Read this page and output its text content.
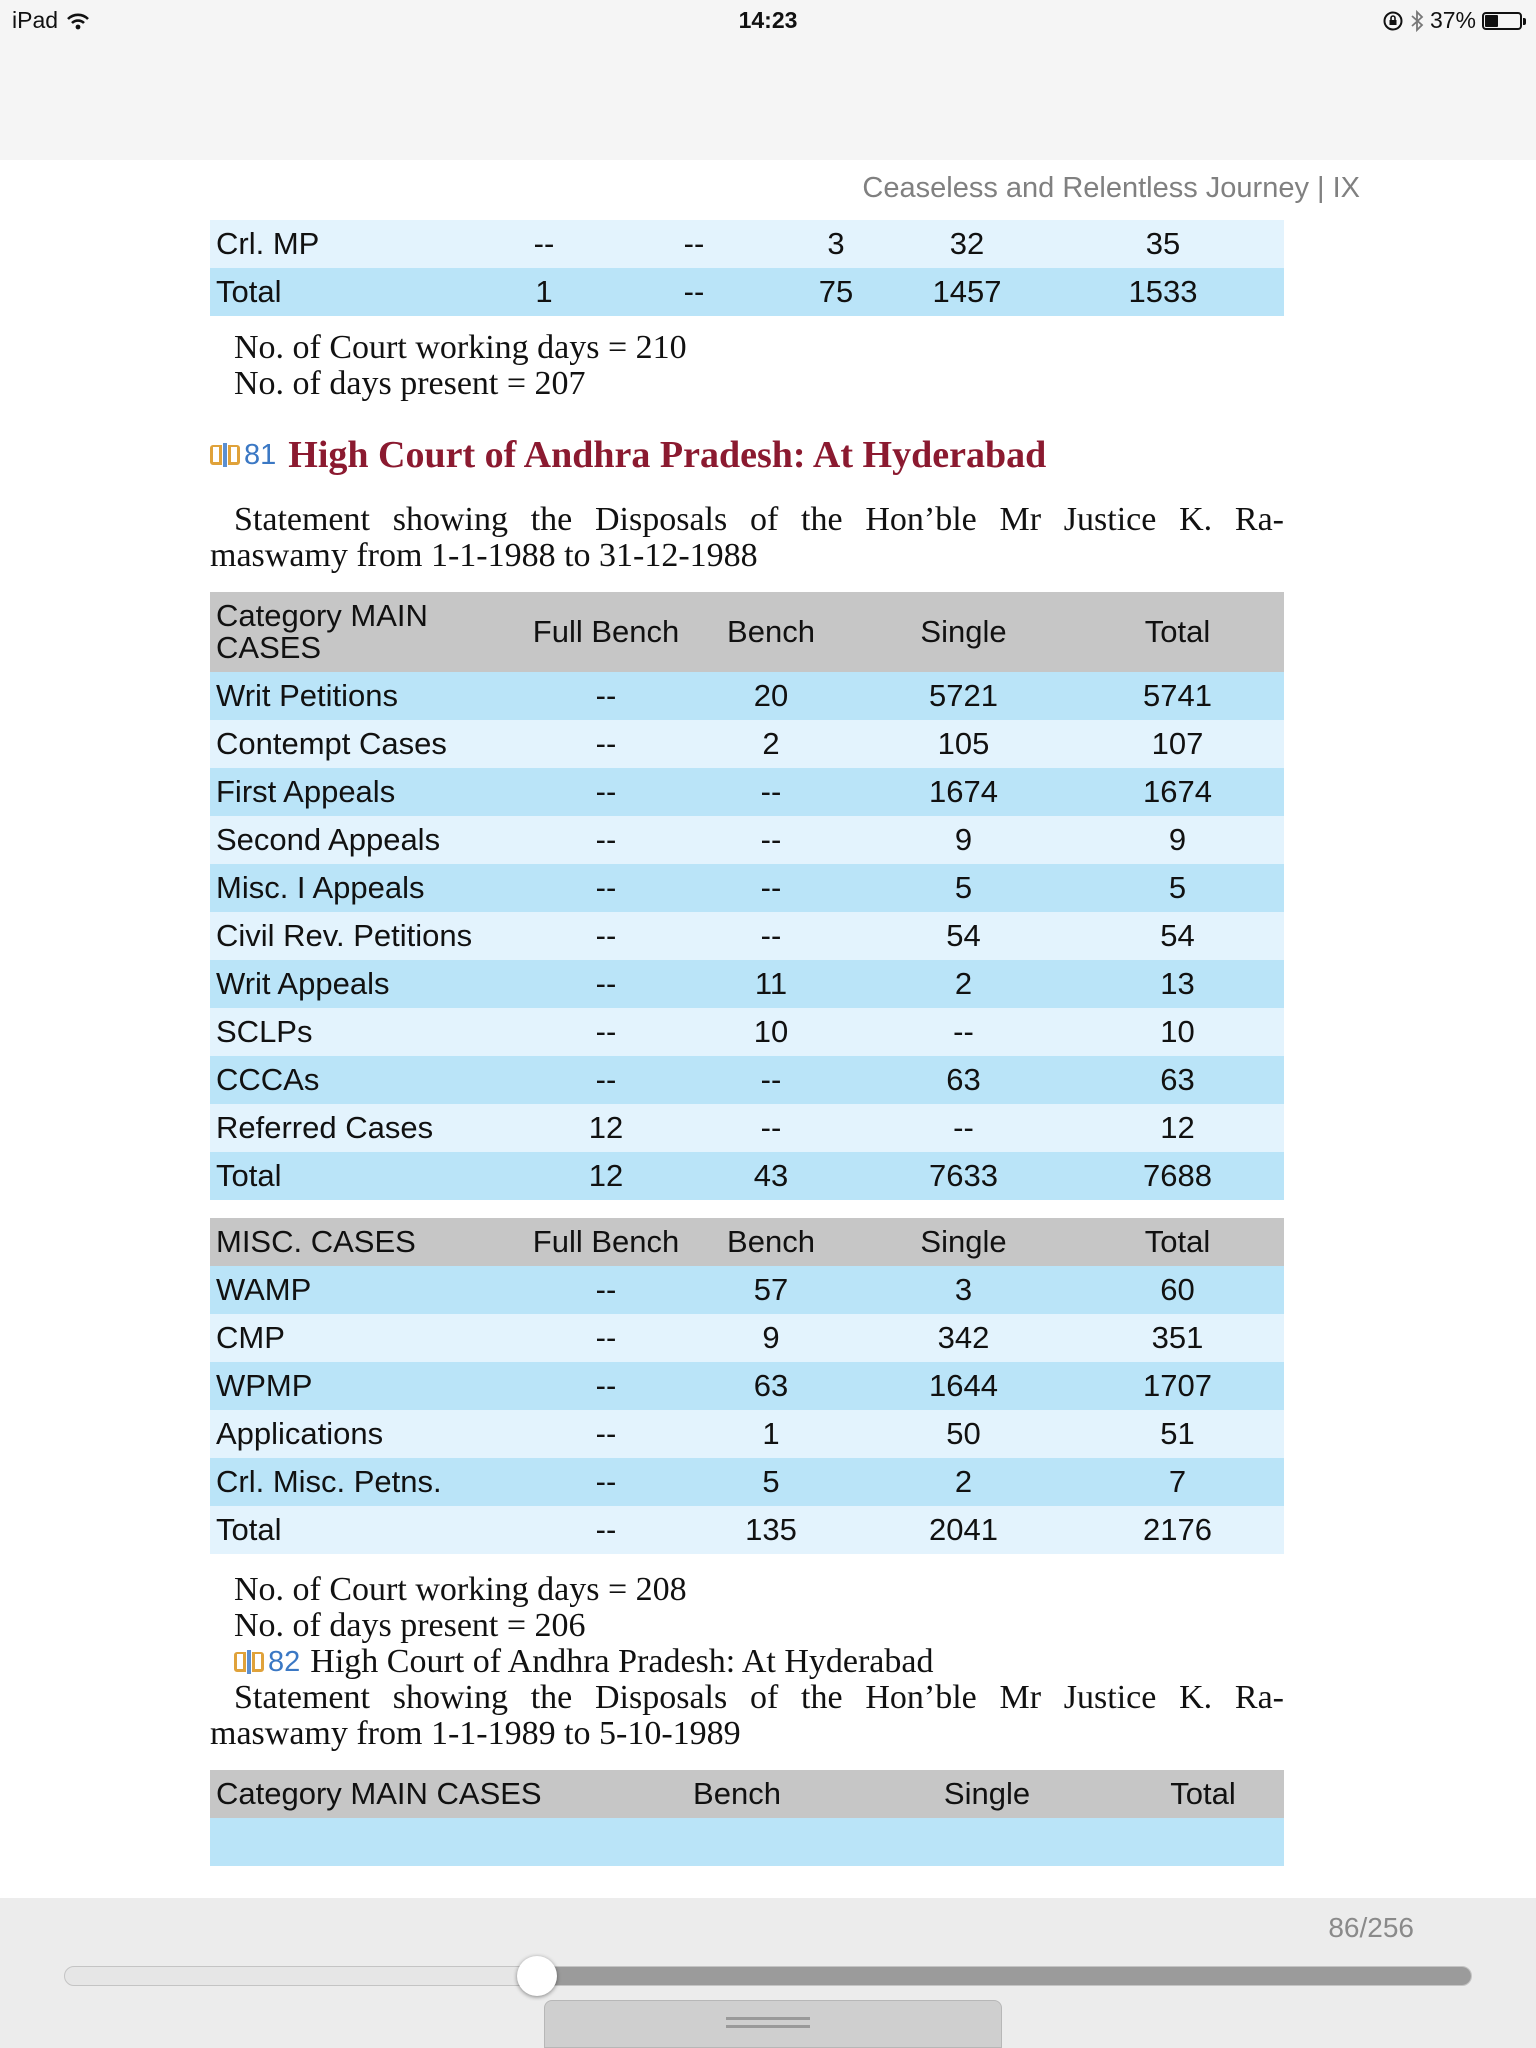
iPad	14:23	37%
Ceaseless and Relentless Journey | IX
Crl. MP	--	--	3	32	35
Total	1	--	75	1457	1533
No. of Court working days = 210
No. of days present = 207
81 High Court of Andhra Pradesh: At Hyderabad
Statement showing the Disposals of the Hon’ble Mr Justice K. Ra-
maswamy from 1-1-1988 to 31-12-1988
Category MAIN CASES	Full Bench	Bench	Single	Total
Writ Petitions	--	20	5721	5741
Contempt Cases	--	2	105	107
First Appeals	--	--	1674	1674
Second Appeals	--	--	9	9
Misc. I Appeals	--	--	5	5
Civil Rev. Petitions	--	--	54	54
Writ Appeals	--	11	2	13
SCLPs	--	10	--	10
CCCAs	--	--	63	63
Referred Cases	12	--	--	12
Total	12	43	7633	7688
MISC. CASES	Full Bench	Bench	Single	Total
WAMP	--	57	3	60
CMP	--	9	342	351
WPMP	--	63	1644	1707
Applications	--	1	50	51
Crl. Misc. Petns.	--	5	2	7
Total	--	135	2041	2176
No. of Court working days = 208
No. of days present = 206
82 High Court of Andhra Pradesh: At Hyderabad
Statement showing the Disposals of the Hon’ble Mr Justice K. Ra-
maswamy from 1-1-1989 to 5-10-1989
Category MAIN CASES	Bench	Single	Total

86/256
